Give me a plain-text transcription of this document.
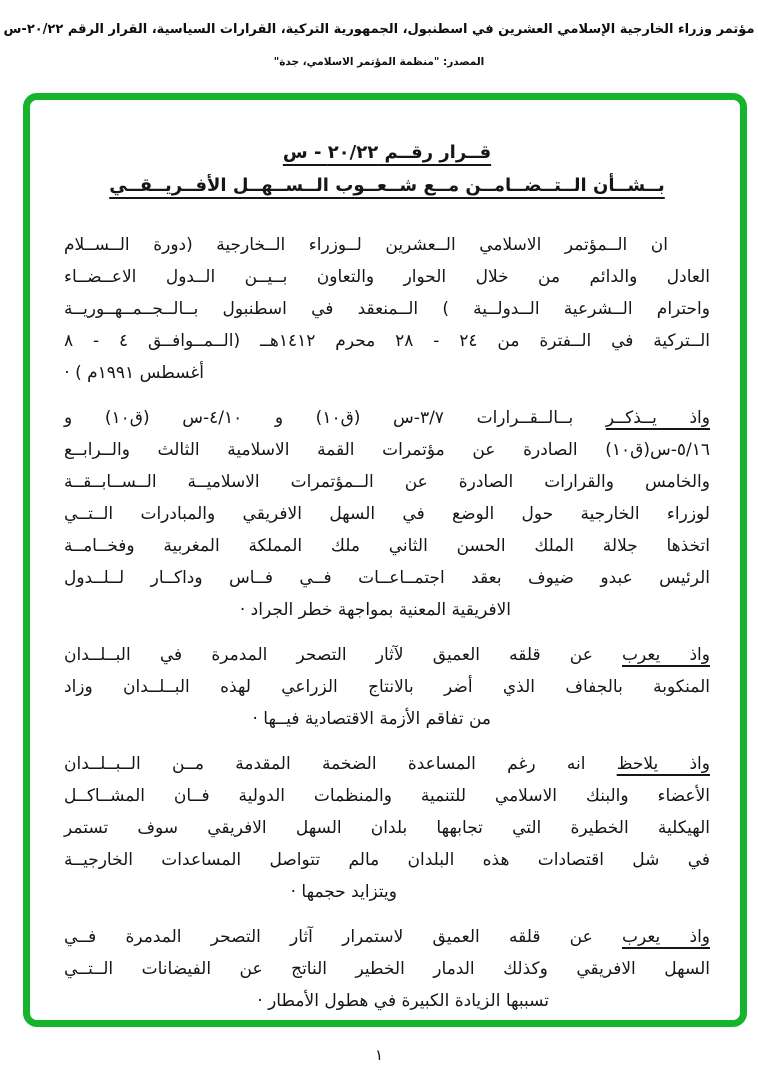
مؤتمر وزراء الخارجية الإسلامي العشرين في اسطنبول، الجمهورية التركية، القرارات السياسية، القرار الرقم ٢٠/٢٢-س
المصدر: "منظمة المؤتمر الاسلامي، جدة"
قــرار رقــم ٢٠/٢٢ - س
بــشــأن الــتــضــامــن مــع شــعــوب الــســهــل الأفــريــقــي
ان الــمؤتمر الاسلامي الــعشرين لــوزراء الــخارجية (دورة الــســلام
العادل والدائم من خلال الحوار والتعاون بــيــن الــدول الاعــضــاء
واحترام الــشرعية الــدولــية ) الــمنعقد في اسطنبول بــالــجــمــهــوريــة
الــتركية في الــفترة من ٢٤ - ٢٨ محرم ١٤١٢هــ (الــمــوافــق ٤ - ٨
أغسطس ١٩٩١م ) ·
واذ يــذكــر بــالــقــرارات ٣/٧-س (ق١٠) و ٤/١٠-س (ق١٠) و
٥/١٦-س(ق١٠) الصادرة عن مؤتمرات القمة الاسلامية الثالث والــرابــع
والخامس والقرارات الصادرة عن الــمؤتمرات الاسلاميــة الــســابــقــة
لوزراء الخارجية حول الوضع في السهل الافريقي والمبادرات الــتــي
اتخذها جلالة الملك الحسن الثاني ملك المملكة المغربية وفخــامــة
الرئيس عبدو ضيوف بعقد اجتمــاعــات فــي فــاس وداكــار لــلــدول
الافريقية المعنية بمواجهة خطر الجراد ·
واذ يعرب عن قلقه العميق لآثار التصحر المدمرة في البــلــدان
المنكوبة بالجفاف الذي أضر بالانتاج الزراعي لهذه البــلــدان وزاد
من تفاقم الأزمة الاقتصادية فيــها ·
واذ يلاحظ انه رغم المساعدة الضخمة المقدمة مــن الــبــلــدان
الأعضاء والبنك الاسلامي للتنمية والمنظمات الدولية فــان المشــاكــل
الهيكلية الخطيرة التي تجابهها بلدان السهل الافريقي سوف تستمر
في شل اقتصادات هذه البلدان مالم تتواصل المساعدات الخارجيــة
ويتزايد حجمها ·
واذ يعرب عن قلقه العميق لاستمرار آثار التصحر المدمرة فــي
السهل الافريقي وكذلك الدمار الخطير الناتج عن الفيضانات الــتــي
تسببها الزيادة الكبيرة في هطول الأمطار ·
١
